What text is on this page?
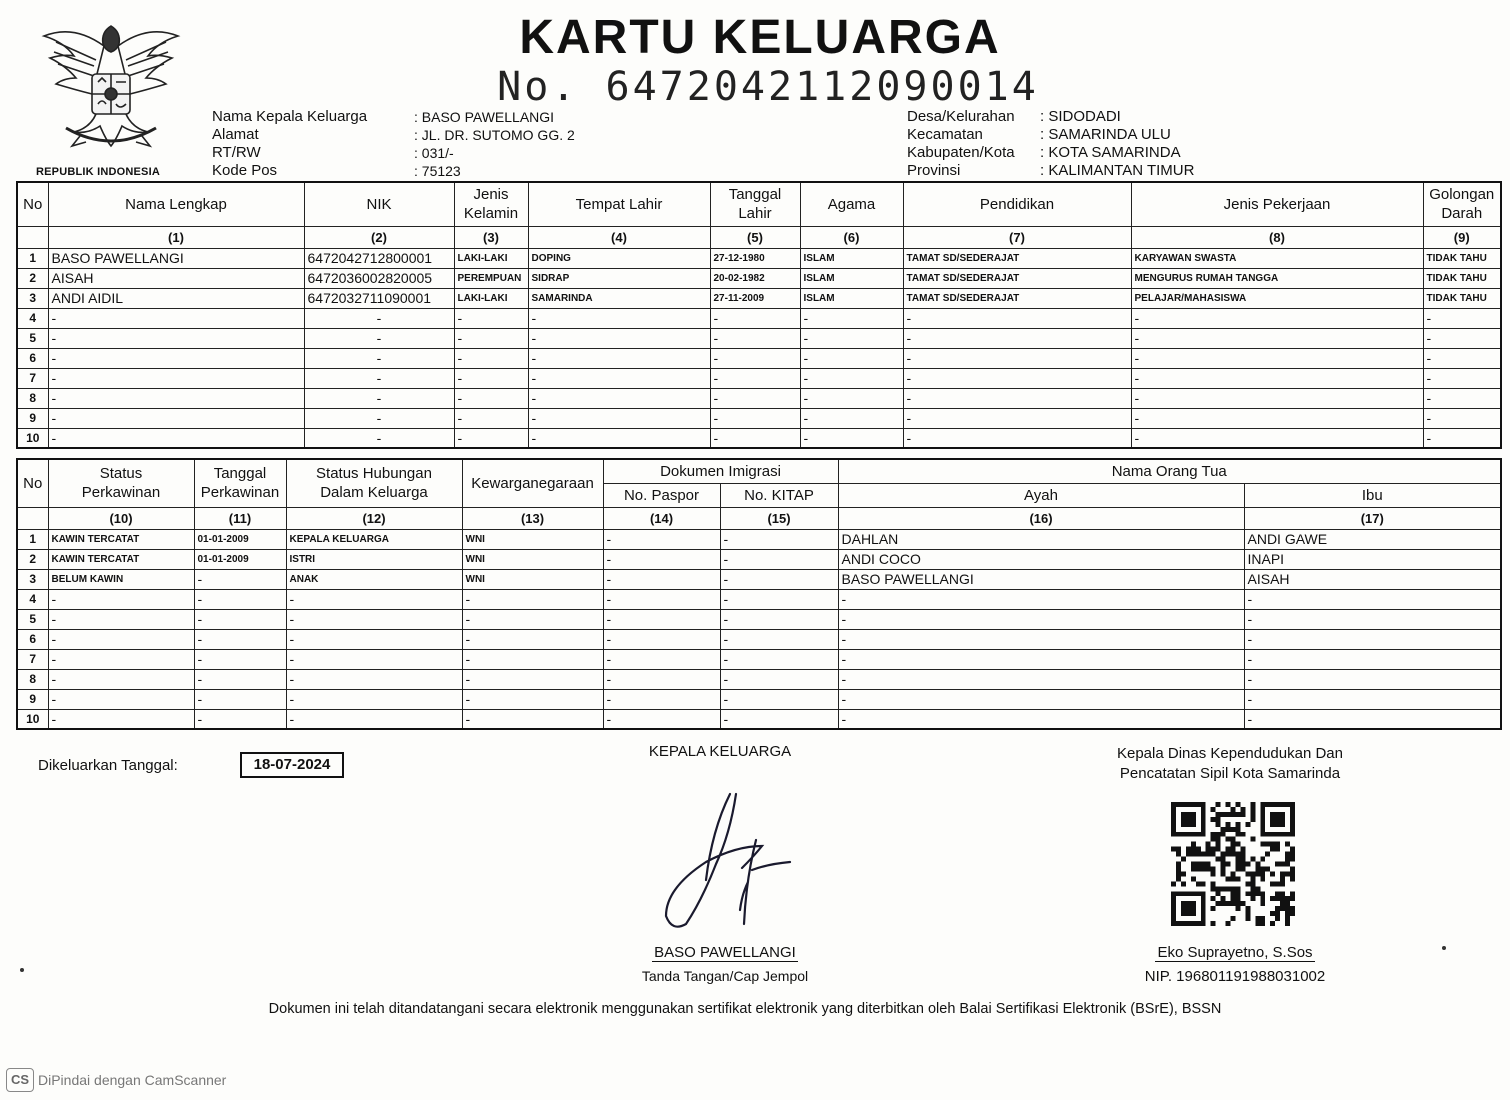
REPUBLIK INDONESIA
KARTU KELUARGA
No. 6472042112090014
Nama Kepala Keluarga	: BASO PAWELLANGI
Alamat	: JL. DR. SUTOMO GG. 2
RT/RW	: 031/-
Kode Pos	: 75123
Desa/Kelurahan	: SIDODADI
Kecamatan	: SAMARINDA ULU
Kabupaten/Kota	: KOTA SAMARINDA
Provinsi	: KALIMANTAN TIMUR
No	Nama Lengkap	NIK	Jenis Kelamin	Tempat Lahir	Tanggal Lahir	Agama	Pendidikan	Jenis Pekerjaan	Golongan Darah
	(1)	(2)	(3)	(4)	(5)	(6)	(7)	(8)	(9)
1	BASO PAWELLANGI	6472042712800001	LAKI-LAKI	DOPING	27-12-1980	ISLAM	TAMAT SD/SEDERAJAT	KARYAWAN SWASTA	TIDAK TAHU
2	AISAH	6472036002820005	PEREMPUAN	SIDRAP	20-02-1982	ISLAM	TAMAT SD/SEDERAJAT	MENGURUS RUMAH TANGGA	TIDAK TAHU
3	ANDI AIDIL	6472032711090001	LAKI-LAKI	SAMARINDA	27-11-2009	ISLAM	TAMAT SD/SEDERAJAT	PELAJAR/MAHASISWA	TIDAK TAHU
4	-	-	-	-	-	-	-	-	-
5	-	-	-	-	-	-	-	-	-
6	-	-	-	-	-	-	-	-	-
7	-	-	-	-	-	-	-	-	-
8	-	-	-	-	-	-	-	-	-
9	-	-	-	-	-	-	-	-	-
10	-	-	-	-	-	-	-	-	-
No	Status Perkawinan	Tanggal Perkawinan	Status Hubungan Dalam Keluarga	Kewarganegaraan	Dokumen Imigrasi		Nama Orang Tua	
					No. Paspor	No. KITAP	Ayah	Ibu
	(10)	(11)	(12)	(13)	(14)	(15)	(16)	(17)
1	KAWIN TERCATAT	01-01-2009	KEPALA KELUARGA	WNI	-	-	DAHLAN	ANDI GAWE
2	KAWIN TERCATAT	01-01-2009	ISTRI	WNI	-	-	ANDI COCO	INAPI
3	BELUM KAWIN	-	ANAK	WNI	-	-	BASO PAWELLANGI	AISAH
4	-	-	-	-	-	-	-	-
5	-	-	-	-	-	-	-	-
6	-	-	-	-	-	-	-	-
7	-	-	-	-	-	-	-	-
8	-	-	-	-	-	-	-	-
9	-	-	-	-	-	-	-	-
10	-	-	-	-	-	-	-	-
Dikeluarkan Tanggal:	18-07-2024
KEPALA KELUARGA
BASO PAWELLANGI
Tanda Tangan/Cap Jempol
Kepala Dinas Kependudukan Dan
Pencatatan Sipil Kota Samarinda
Eko Suprayetno, S.Sos
NIP. 196801191988031002
Dokumen ini telah ditandatangani secara elektronik menggunakan sertifikat elektronik yang diterbitkan oleh Balai Sertifikasi Elektronik (BSrE), BSSN
CS DiPindai dengan CamScanner
